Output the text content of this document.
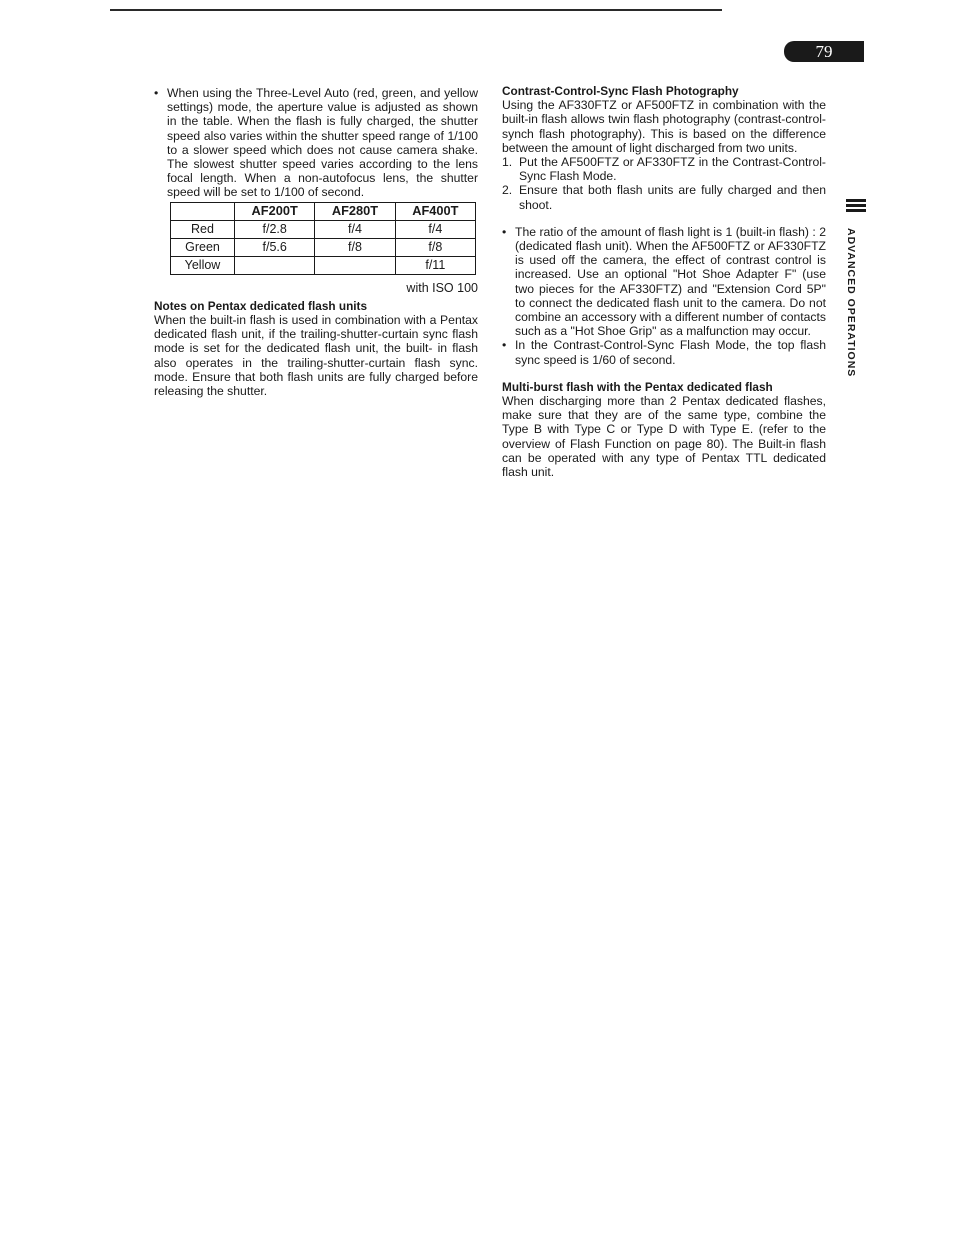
79
ADVANCED OPERATIONS
• When using the Three-Level Auto (red, green, and yellow settings) mode, the aperture value is adjusted as shown in the table. When the flash is fully charged, the shutter speed also varies within the shutter speed range of 1/100 to a slower speed which does not cause camera shake. The slowest shutter speed varies according to the lens focal length. When a non-autofocus lens, the shutter speed will be set to 1/100 of second.
	AF200T	AF280T	AF400T
Red	f/2.8	f/4	f/4
Green	f/5.6	f/8	f/8
Yellow			f/11
with ISO 100

Notes on Pentax dedicated flash units

When the built-in flash is used in combination with a Pentax dedicated flash unit, if the trailing-shutter-curtain sync flash mode is set for the dedicated flash unit, the built- in flash also operates in the trailing-shutter-curtain flash sync. mode. Ensure that both flash units are fully charged before releasing the shutter.

Contrast-Control-Sync Flash Photography

Using the AF330FTZ or AF500FTZ in combination with the built-in flash allows twin flash photography (contrast-control-synch flash photography). This is based on the difference between the amount of light discharged from two units.

1. Put the AF500FTZ or AF330FTZ in the Contrast-Control-Sync Flash Mode.
2. Ensure that both flash units are fully charged and then shoot.
• The ratio of the amount of flash light is 1 (built-in flash) : 2 (dedicated flash unit). When the AF500FTZ or AF330FTZ is used off the camera, the effect of contrast control is increased. Use an optional "Hot Shoe Adapter F" (use two pieces for the AF330FTZ) and "Extension Cord 5P" to connect the dedicated flash unit to the camera. Do not combine an accessory with a different number of contacts such as a "Hot Shoe Grip" as a malfunction may occur.
• In the Contrast-Control-Sync Flash Mode, the top flash sync speed is 1/60 of second.

Multi-burst flash with the Pentax dedicated flash

When discharging more than 2 Pentax dedicated flashes, make sure that they are of the same type, combine the Type B with Type C or Type D with Type E. (refer to the overview of Flash Function on page 80). The Built-in flash can be operated with any type of Pentax TTL dedicated flash unit.
